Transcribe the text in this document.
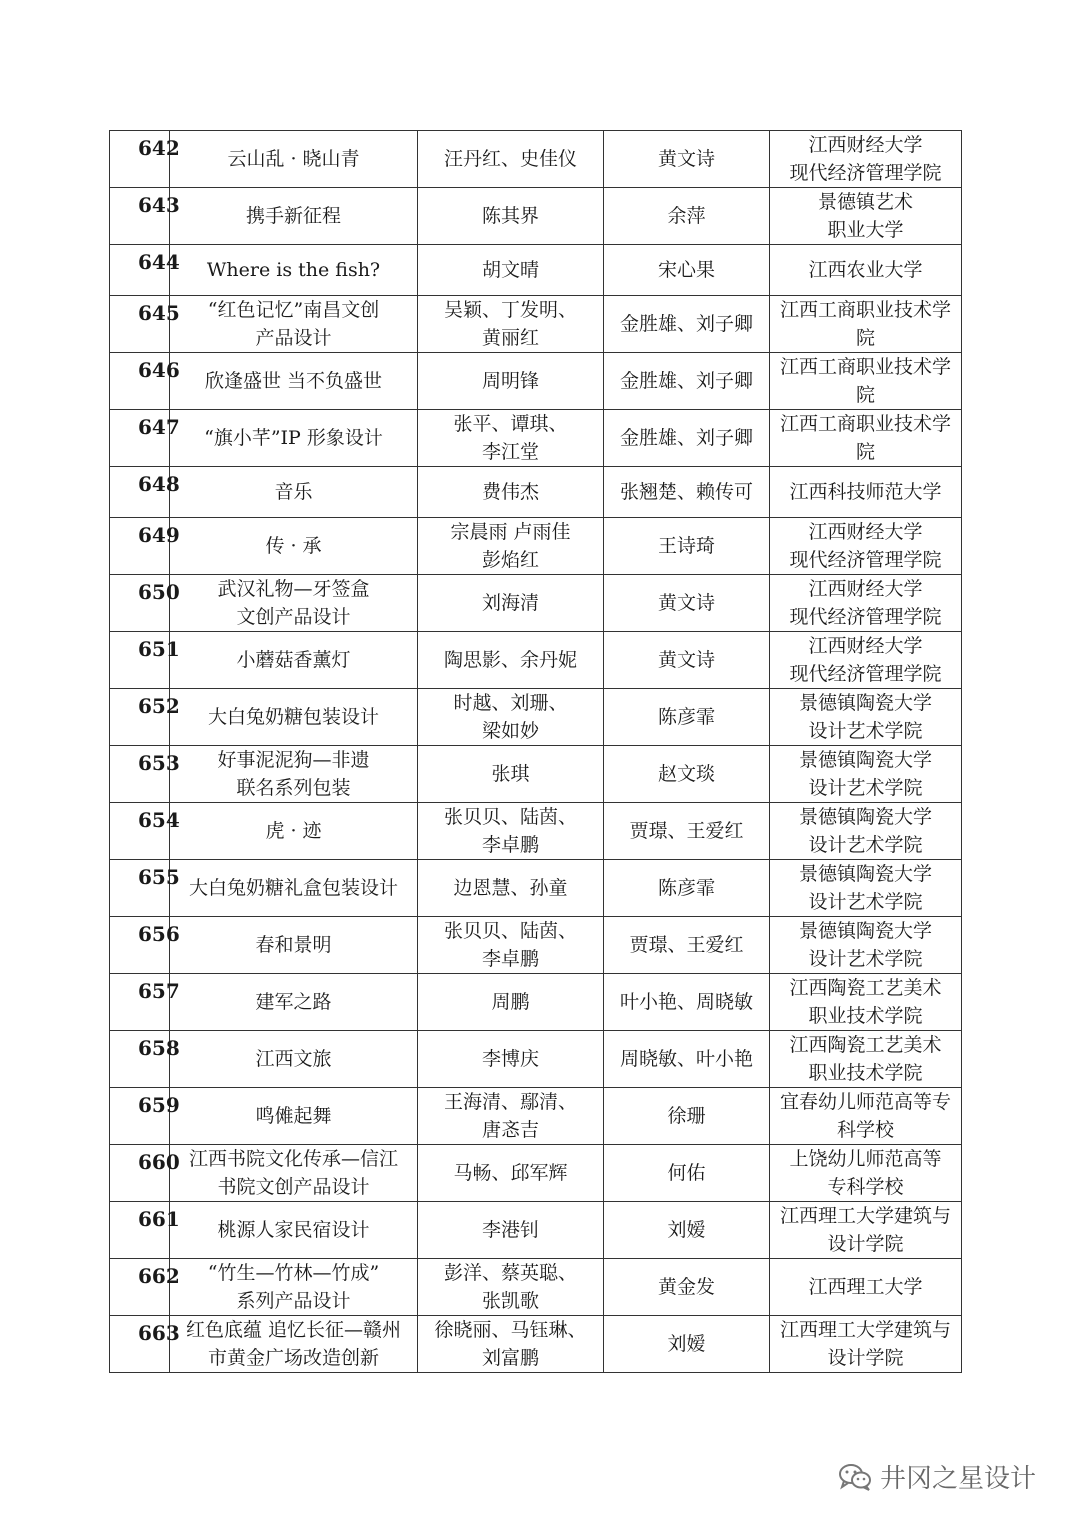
642	云山乱 · 晓山青	汪丹红、史佳仪	黄文诗	江西财经大学
现代经济管理学院

643	携手新征程	陈其界	余萍	景德镇艺术
职业大学

644	Where is the fish?	胡文晴	宋心果	江西农业大学

645	“红色记忆”南昌文创
产品设计	吴颖、丁发明、
黄丽红	金胜雄、刘子卿	江西工商职业技术学
院

646	欣逢盛世 当不负盛世	周明锋	金胜雄、刘子卿	江西工商职业技术学
院

647	“旗小芊”IP 形象设计	张平、谭琪、
李江堂	金胜雄、刘子卿	江西工商职业技术学
院

648	音乐	费伟杰	张翘楚、赖传可	江西科技师范大学

649	传 · 承	宗晨雨 卢雨佳
彭焰红	王诗琦	江西财经大学
现代经济管理学院

650	武汉礼物—牙签盒
文创产品设计	刘海清	黄文诗	江西财经大学
现代经济管理学院

651	小蘑菇香薰灯	陶思影、余丹妮	黄文诗	江西财经大学
现代经济管理学院

652	大白兔奶糖包装设计	时越、刘珊、
梁如妙	陈彦霏	景德镇陶瓷大学
设计艺术学院

653	好事泥泥狗—非遗
联名系列包装	张琪	赵文琰	景德镇陶瓷大学
设计艺术学院

654	虎 · 迹	张贝贝、陆茵、
李卓鹏	贾璟、王爱红	景德镇陶瓷大学
设计艺术学院

655	大白兔奶糖礼盒包装设计	边恩慧、孙童	陈彦霏	景德镇陶瓷大学
设计艺术学院

656	春和景明	张贝贝、陆茵、
李卓鹏	贾璟、王爱红	景德镇陶瓷大学
设计艺术学院

657	建军之路	周鹏	叶小艳、周晓敏	江西陶瓷工艺美术
职业技术学院

658	江西文旅	李博庆	周晓敏、叶小艳	江西陶瓷工艺美术
职业技术学院

659	鸣傩起舞	王海清、鄢清、
唐忞吉	徐珊	宜春幼儿师范高等专
科学校

660	江西书院文化传承—信江
书院文创产品设计	马畅、邱军辉	何佑	上饶幼儿师范高等
专科学校

661	桃源人家民宿设计	李港钊	刘嫒	江西理工大学建筑与
设计学院

662	“竹生—竹林—竹成”
系列产品设计	彭洋、蔡英聪、
张凯歌	黄金发	江西理工大学

663	红色底蕴 追忆长征—赣州
市黄金广场改造创新	徐晓丽、马钰琳、
刘富鹏	刘嫒	江西理工大学建筑与
设计学院
井冈之星设计
